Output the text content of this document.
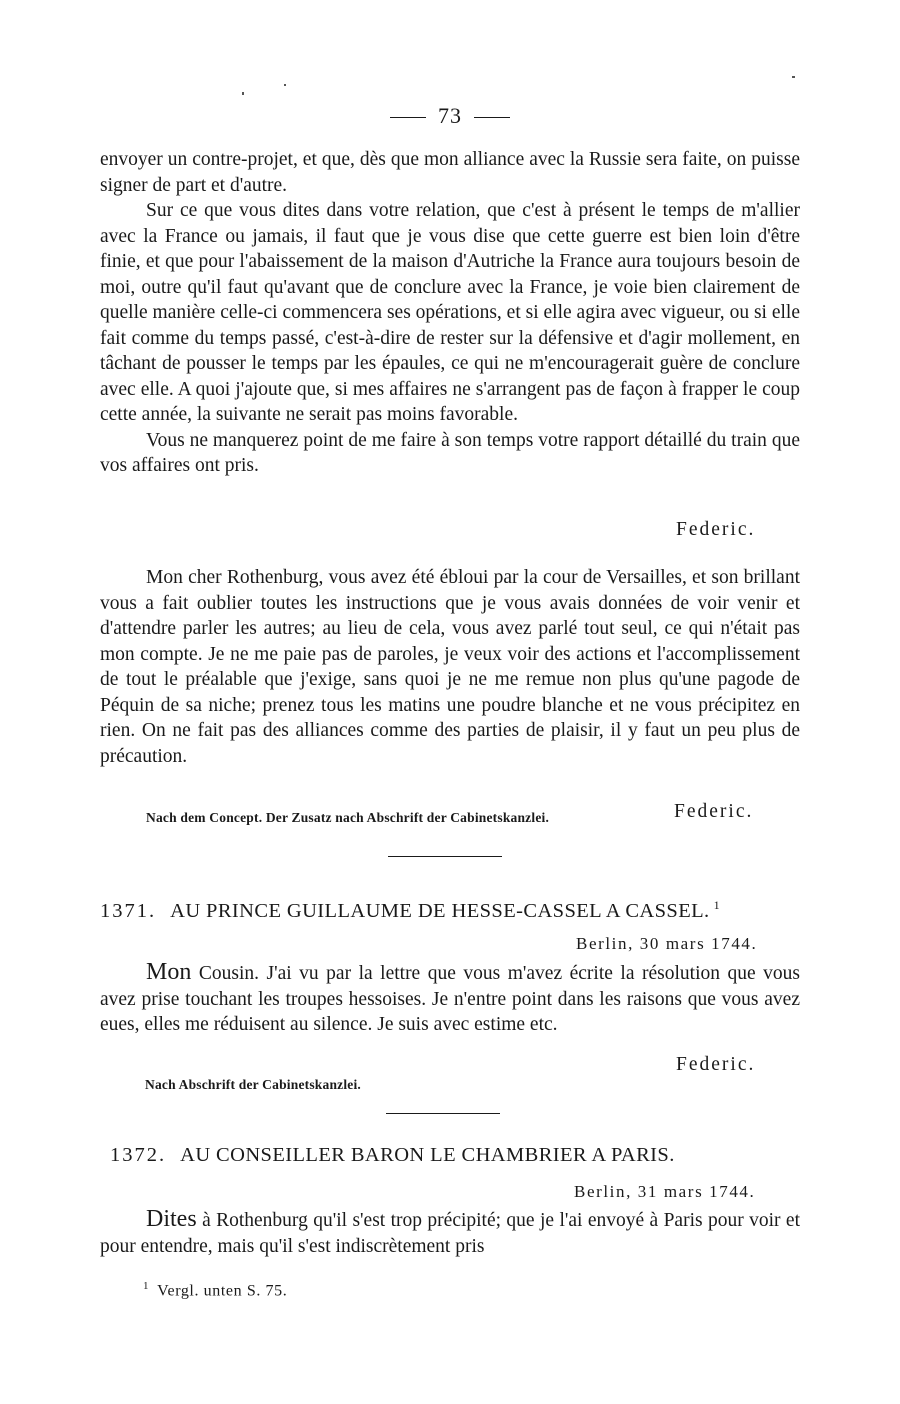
73

envoyer un contre-projet, et que, dès que mon alliance avec la Russie sera faite, on puisse signer de part et d'autre.

Sur ce que vous dites dans votre relation, que c'est à présent le temps de m'allier avec la France ou jamais, il faut que je vous dise que cette guerre est bien loin d'être finie, et que pour l'abaissement de la maison d'Autriche la France aura toujours besoin de moi, outre qu'il faut qu'avant que de conclure avec la France, je voie bien clairement de quelle manière celle-ci commencera ses opérations, et si elle agira avec vigueur, ou si elle fait comme du temps passé, c'est-à-dire de rester sur la défensive et d'agir mollement, en tâchant de pousser le temps par les épaules, ce qui ne m'encouragerait guère de conclure avec elle. A quoi j'ajoute que, si mes affaires ne s'arrangent pas de façon à frapper le coup cette année, la suivante ne serait pas moins favorable.

Vous ne manquerez point de me faire à son temps votre rapport détaillé du train que vos affaires ont pris.

Federic.

Mon cher Rothenburg, vous avez été ébloui par la cour de Versailles, et son brillant vous a fait oublier toutes les instructions que je vous avais données de voir venir et d'attendre parler les autres; au lieu de cela, vous avez parlé tout seul, ce qui n'était pas mon compte. Je ne me paie pas de paroles, je veux voir des actions et l'accomplissement de tout le préalable que j'exige, sans quoi je ne me remue non plus qu'une pagode de Péquin de sa niche; prenez tous les matins une poudre blanche et ne vous précipitez en rien. On ne fait pas des alliances comme des parties de plaisir, il y faut un peu plus de précaution.

Nach dem Concept. Der Zusatz nach Abschrift der Cabinetskanzlei.	Federic.
1371. AU PRINCE GUILLAUME DE HESSE-CASSEL A CASSEL. $^1$
Berlin, 30 mars 1744.

Mon Cousin. J'ai vu par la lettre que vous m'avez écrite la résolution que vous avez prise touchant les troupes hessoises. Je n'entre point dans les raisons que vous avez eues, elles me réduisent au silence. Je suis avec estime etc.

Federic.
Nach Abschrift der Cabinetskanzlei.
1372. AU CONSEILLER BARON LE CHAMBRIER A PARIS.
Berlin, 31 mars 1744.

Dites à Rothenburg qu'il s'est trop précipité; que je l'ai envoyé à Paris pour voir et pour entendre, mais qu'il s'est indiscrètement pris

$^1$ Vergl. unten S. 75.
